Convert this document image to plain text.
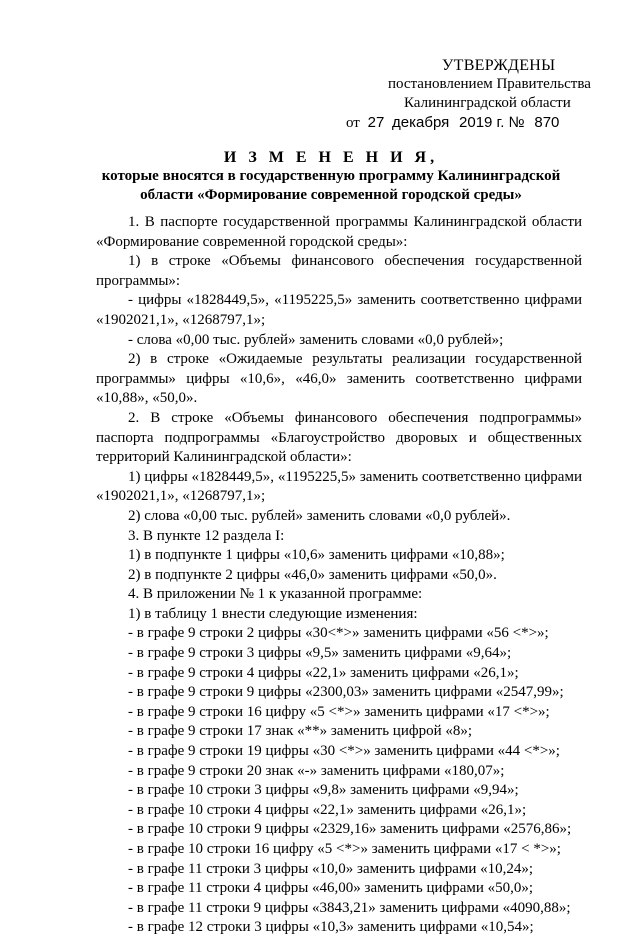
УТВЕРЖДЕНЫ
постановлением Правительства
Калининградской области
от 27 декабря 2019 г. № 870
И З М Е Н Е Н И Я,
которые вносятся в государственную программу Калининградской
области «Формирование современной городской среды»

1. В паспорте государственной программы Калининградской области «Формирование современной городской среды»:

1) в строке «Объемы финансового обеспечения государственной программы»:

- цифры «1828449,5», «1195225,5» заменить соответственно цифрами «1902021,1», «1268797,1»;

- слова «0,00 тыс. рублей» заменить словами «0,0 рублей»;

2) в строке «Ожидаемые результаты реализации государственной программы» цифры «10,6», «46,0» заменить соответственно цифрами «10,88», «50,0».

2. В строке «Объемы финансового обеспечения подпрограммы» паспорта подпрограммы «Благоустройство дворовых и общественных территорий Калининградской области»:

1) цифры «1828449,5», «1195225,5» заменить соответственно цифрами «1902021,1», «1268797,1»;

2) слова «0,00 тыс. рублей» заменить словами «0,0 рублей».

3. В пункте 12 раздела I:

1) в подпункте 1 цифры «10,6» заменить цифрами «10,88»;

2) в подпункте 2 цифры «46,0» заменить цифрами «50,0».

4. В приложении № 1 к указанной программе:

1) в таблицу 1 внести следующие изменения:

- в графе 9 строки 2 цифры «30<*>» заменить цифрами «56 <*>»;

- в графе 9 строки 3 цифры «9,5» заменить цифрами «9,64»;

- в графе 9 строки 4 цифры «22,1» заменить цифрами «26,1»;

- в графе 9 строки 9 цифры «2300,03» заменить цифрами «2547,99»;

- в графе 9 строки 16 цифру «5 <*>» заменить цифрами «17 <*>»;

- в графе 9 строки 17 знак «**» заменить цифрой «8»;

- в графе 9 строки 19 цифры «30 <*>» заменить цифрами «44 <*>»;

- в графе 9 строки 20 знак «-» заменить цифрами «180,07»;

- в графе 10 строки 3 цифры «9,8» заменить цифрами «9,94»;

- в графе 10 строки 4 цифры «22,1» заменить цифрами «26,1»;

- в графе 10 строки 9 цифры «2329,16» заменить цифрами «2576,86»;

- в графе 10 строки 16 цифру «5 <*>» заменить цифрами «17 < *>»;

- в графе 11 строки 3 цифры «10,0» заменить цифрами «10,24»;

- в графе 11 строки 4 цифры «46,00» заменить цифрами «50,0»;

- в графе 11 строки 9 цифры «3843,21» заменить цифрами «4090,88»;

- в графе 12 строки 3 цифры «10,3» заменить цифрами «10,54»;
